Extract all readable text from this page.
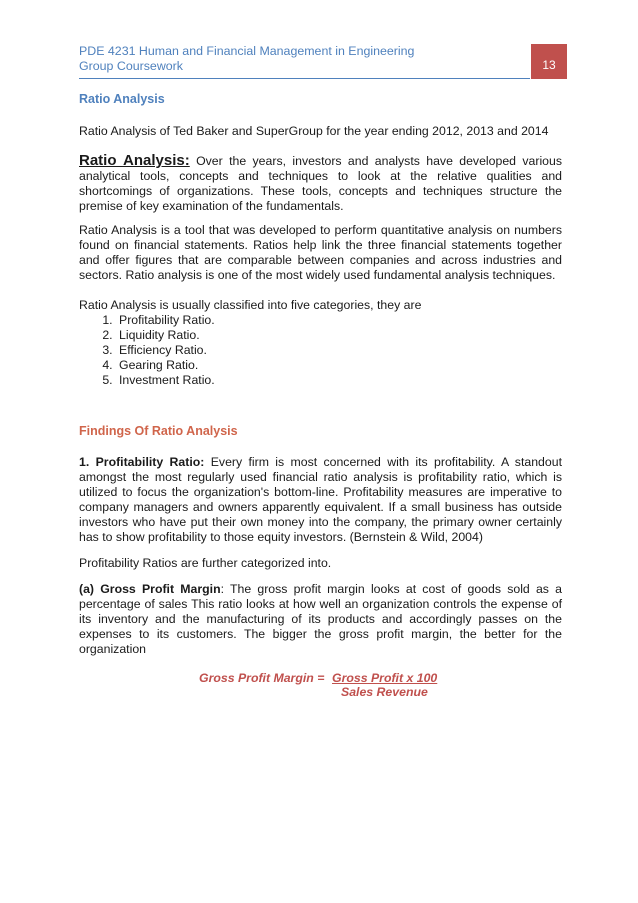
PDE 4231 Human and Financial Management in Engineering
Group Coursework	13
Ratio Analysis

Ratio Analysis of Ted Baker and SuperGroup for the year ending 2012, 2013 and 2014

Ratio Analysis: Over the years, investors and analysts have developed various analytical tools, concepts and techniques to look at the relative qualities and shortcomings of organizations. These tools, concepts and techniques structure the premise of key examination of the fundamentals.

Ratio Analysis is a tool that was developed to perform quantitative analysis on numbers found on financial statements. Ratios help link the three financial statements together and offer figures that are comparable between companies and across industries and sectors. Ratio analysis is one of the most widely used fundamental analysis techniques.

Ratio Analysis is usually classified into five categories, they are

1. Profitability Ratio.
2. Liquidity Ratio.
3. Efficiency Ratio.
4. Gearing Ratio.
5. Investment Ratio.
Findings Of Ratio Analysis

1. Profitability Ratio: Every firm is most concerned with its profitability. A standout amongst the most regularly used financial ratio analysis is profitability ratio, which is utilized to focus the organization's bottom-line. Profitability measures are imperative to company managers and owners apparently equivalent. If a small business has outside investors who have put their own money into the company, the primary owner certainly has to show profitability to those equity investors. (Bernstein & Wild, 2004)

Profitability Ratios are further categorized into.

(a) Gross Profit Margin: The gross profit margin looks at cost of goods sold as a percentage of sales This ratio looks at how well an organization controls the expense of its inventory and the manufacturing of its products and accordingly passes on the expenses to its customers. The bigger the gross profit margin, the better for the organization

Gross Profit Margin = Gross Profit x 100
Sales Revenue
